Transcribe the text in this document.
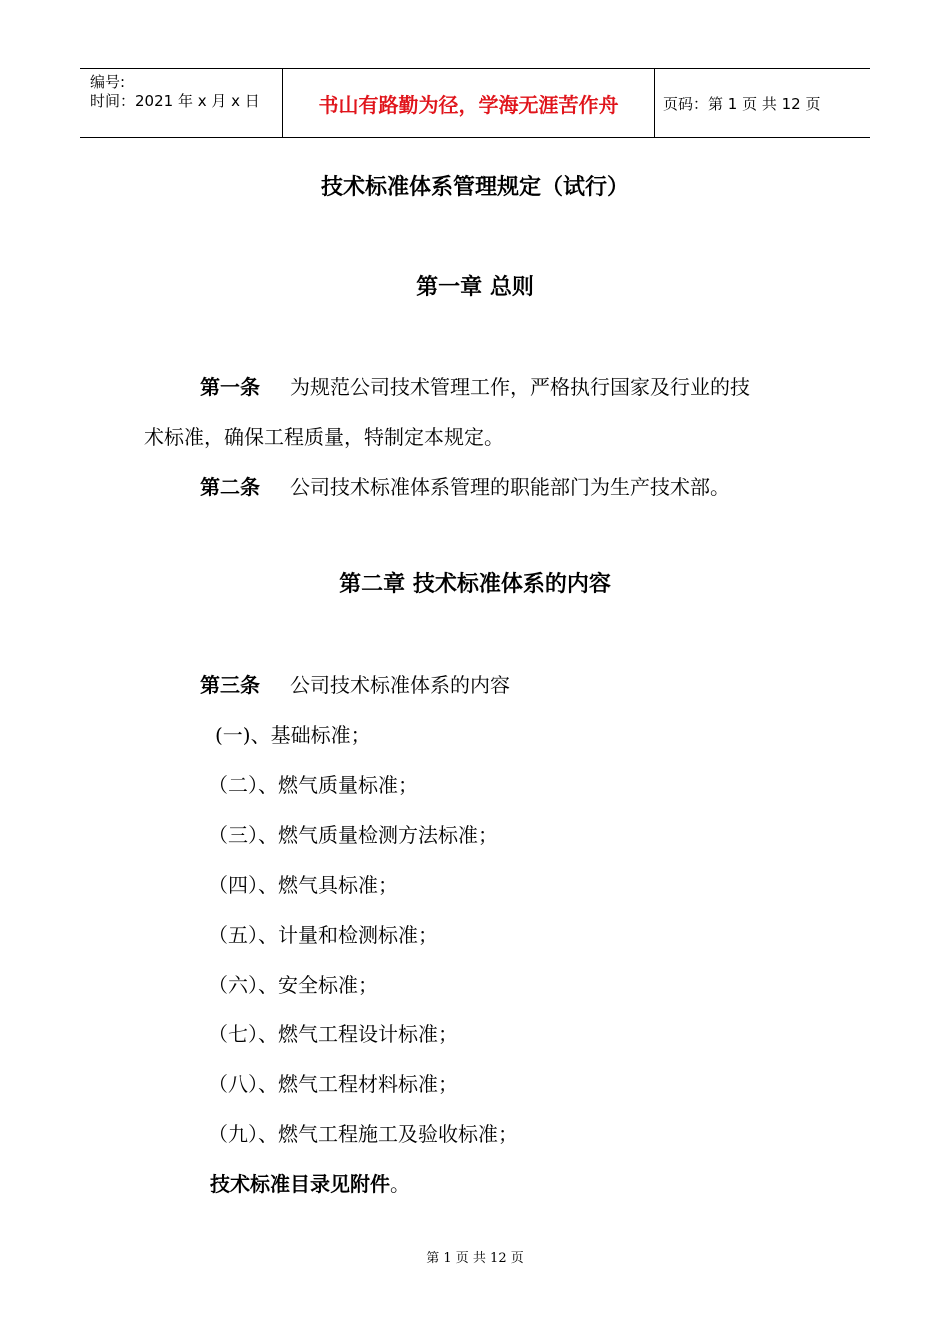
编号:
时间：2021 年 x 月 x 日	书山有路勤为径，学海无涯苦作舟	页码：第 1 页 共 12 页
技术标准体系管理规定（试行）
第一章 总则
第一条 为规范公司技术管理工作，严格执行国家及行业的技
术标准，确保工程质量，特制定本规定。
第二条 公司技术标准体系管理的职能部门为生产技术部。
第二章 技术标准体系的内容
第三条 公司技术标准体系的内容
(一)、基础标准；
（二）、燃气质量标准；
（三）、燃气质量检测方法标准；
（四）、燃气具标准；
（五）、计量和检测标准；
（六）、安全标准；
（七）、燃气工程设计标准；
（八）、燃气工程材料标准；
（九）、燃气工程施工及验收标准；
技术标准目录见附件。
第 1 页 共 12 页
